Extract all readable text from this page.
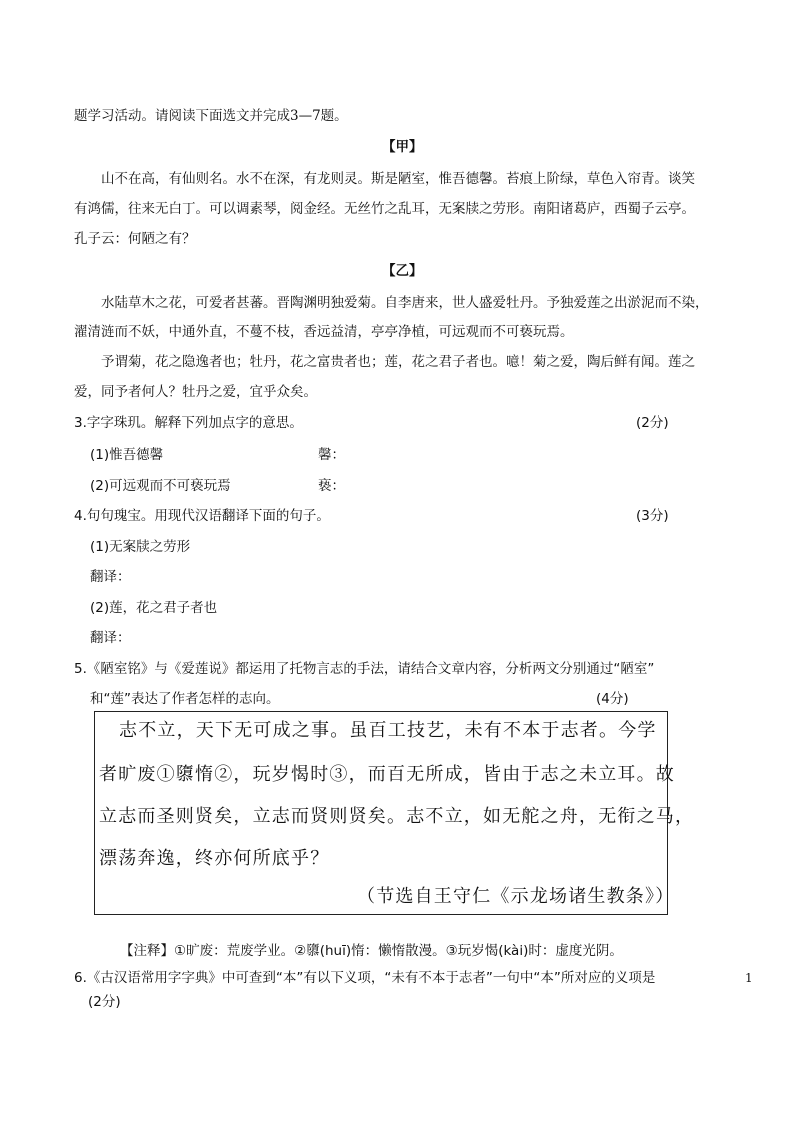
题学习活动。请阅读下面选文并完成3—7题。
【甲】
山不在高，有仙则名。水不在深，有龙则灵。斯是陋室，惟吾德馨。苔痕上阶绿，草色入帘青。谈笑
有鸿儒，往来无白丁。可以调素琴，阅金经。无丝竹之乱耳，无案牍之劳形。南阳诸葛庐，西蜀子云亭。
孔子云：何陋之有？
【乙】
水陆草木之花，可爱者甚蕃。晋陶渊明独爱菊。自李唐来，世人盛爱牡丹。予独爱莲之出淤泥而不染，
濯清涟而不妖，中通外直，不蔓不枝，香远益清，亭亭净植，可远观而不可亵玩焉。
予谓菊，花之隐逸者也；牡丹，花之富贵者也；莲，花之君子者也。噫！菊之爱，陶后鲜有闻。莲之
爱，同予者何人？牡丹之爱，宜乎众矣。
3.字字珠玑。解释下列加点字的意思。	(2分)
(1)惟吾德馨	馨：
(2)可远观而不可亵玩焉	亵：
4.句句瑰宝。用现代汉语翻译下面的句子。	(3分)
(1)无案牍之劳形
翻译：
(2)莲，花之君子者也
翻译：
5.《陋室铭》与《爱莲说》都运用了托物言志的手法，请结合文章内容，分析两文分别通过“陋室”
和“莲”表达了作者怎样的志向。	(4分)
志不立，天下无可成之事。虽百工技艺，未有不本于志者。今学
者旷废①隳惰②，玩岁愒时③，而百无所成，皆由于志之未立耳。故
立志而圣则贤矣，立志而贤则贤矣。志不立，如无舵之舟，无衔之马，
漂荡奔逸，终亦何所底乎？
（节选自王守仁《示龙场诸生教条》）
【注释】①旷废：荒废学业。②隳(huī)惰：懒惰散漫。③玩岁愒(kài)时：虚度光阴。
6.《古汉语常用字字典》中可查到“本”有以下义项，“未有不本于志者”一句中“本”所对应的义项是
(2分)
1
